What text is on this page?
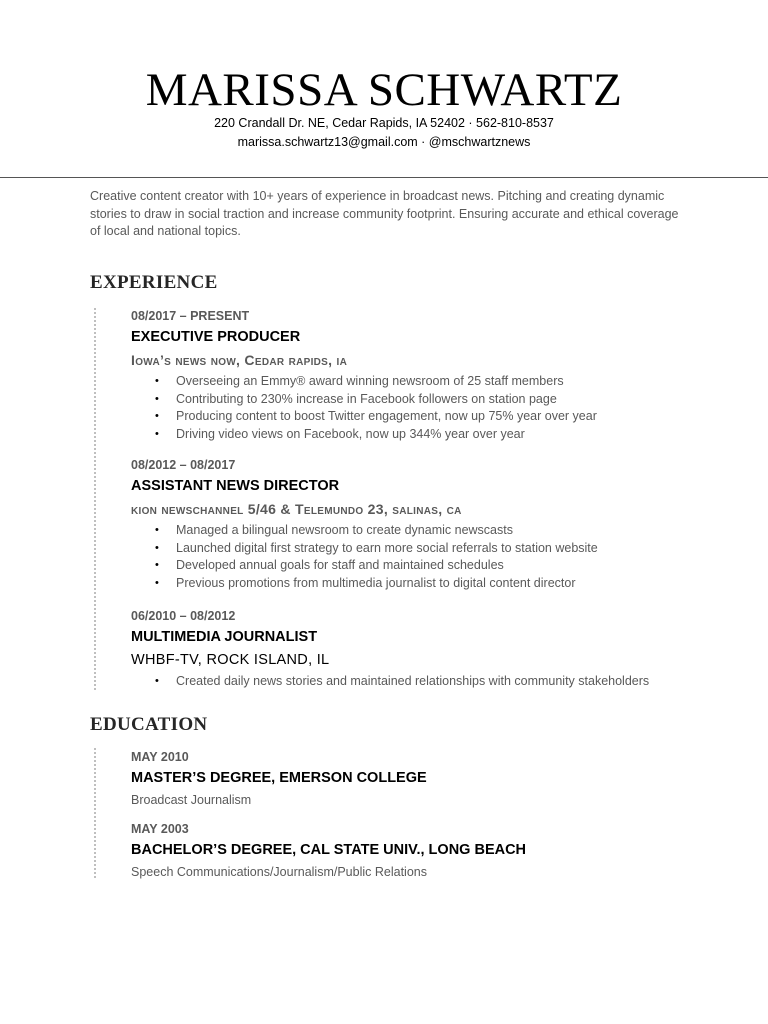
MARISSA SCHWARTZ
220 Crandall Dr. NE, Cedar Rapids, IA 52402 · 562-810-8537
marissa.schwartz13@gmail.com · @mschwartznews
Creative content creator with 10+ years of experience in broadcast news. Pitching and creating dynamic stories to draw in social traction and increase community footprint. Ensuring accurate and ethical coverage of local and national topics.
EXPERIENCE
08/2017 – PRESENT
EXECUTIVE PRODUCER
Iowa’s news now, Cedar rapids, ia
• Overseeing an Emmy® award winning newsroom of 25 staff members
• Contributing to 230% increase in Facebook followers on station page
• Producing content to boost Twitter engagement, now up 75% year over year
• Driving video views on Facebook, now up 344% year over year
08/2012 – 08/2017
ASSISTANT NEWS DIRECTOR
kion newschannel 5/46 & Telemundo 23, salinas, ca
• Managed a bilingual newsroom to create dynamic newscasts
• Launched digital first strategy to earn more social referrals to station website
• Developed annual goals for staff and maintained schedules
• Previous promotions from multimedia journalist to digital content director
06/2010 – 08/2012
MULTIMEDIA JOURNALIST
WHBF-TV, ROCK ISLAND, IL
• Created daily news stories and maintained relationships with community stakeholders
EDUCATION
MAY 2010
MASTER’S DEGREE, EMERSON COLLEGE
Broadcast Journalism
MAY 2003
BACHELOR’S DEGREE, CAL STATE UNIV., LONG BEACH
Speech Communications/Journalism/Public Relations
